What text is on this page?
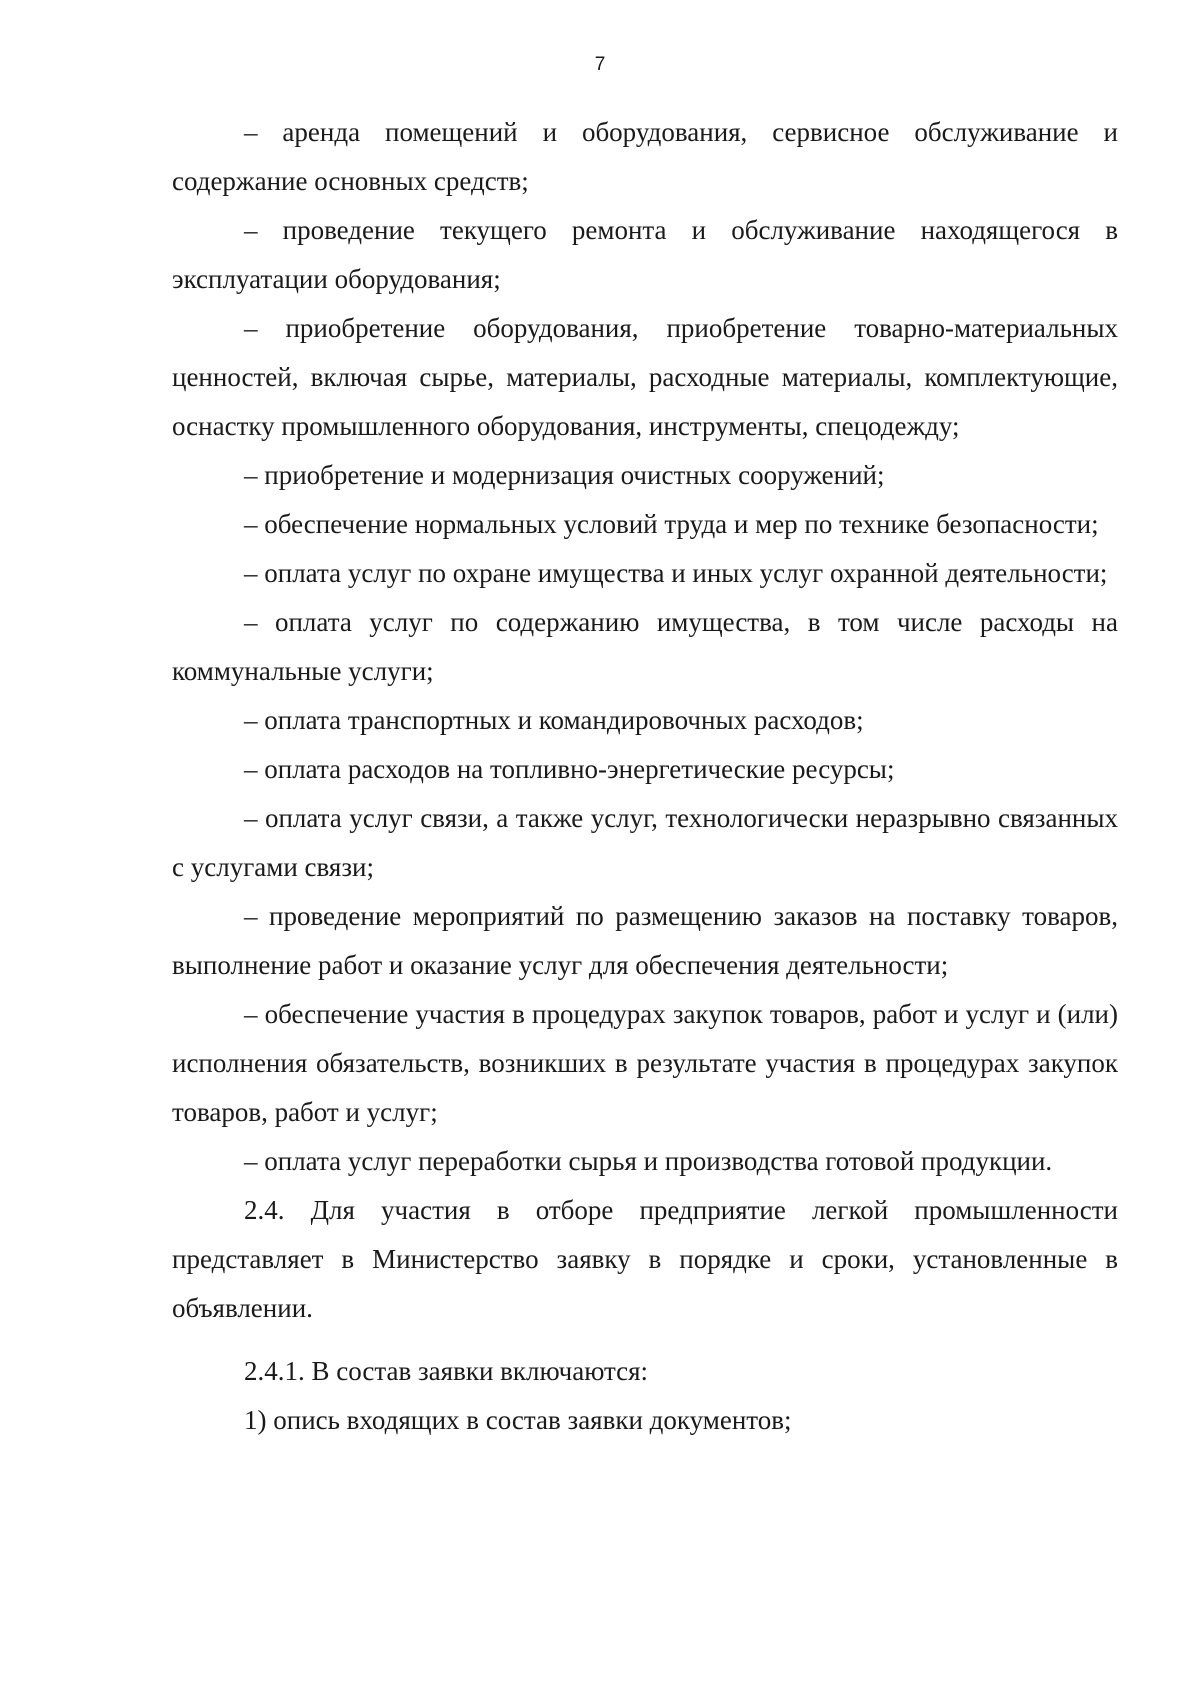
7

– аренда помещений и оборудования, сервисное обслуживание и содержание основных средств;

– проведение текущего ремонта и обслуживание находящегося в эксплуатации оборудования;

– приобретение оборудования, приобретение товарно-материальных ценностей, включая сырье, материалы, расходные материалы, комплектующие, оснастку промышленного оборудования, инструменты, спецодежду;

– приобретение и модернизация очистных сооружений;

– обеспечение нормальных условий труда и мер по технике безопасности;

– оплата услуг по охране имущества и иных услуг охранной деятельности;

– оплата услуг по содержанию имущества, в том числе расходы на коммунальные услуги;

– оплата транспортных и командировочных расходов;

– оплата расходов на топливно-энергетические ресурсы;

– оплата услуг связи, а также услуг, технологически неразрывно связанных с услугами связи;

– проведение мероприятий по размещению заказов на поставку товаров, выполнение работ и оказание услуг для обеспечения деятельности;

– обеспечение участия в процедурах закупок товаров, работ и услуг и (или) исполнения обязательств, возникших в результате участия в процедурах закупок товаров, работ и услуг;

– оплата услуг переработки сырья и производства готовой продукции.

2.4. Для участия в отборе предприятие легкой промышленности представляет в Министерство заявку в порядке и сроки, установленные в объявлении.

2.4.1. В состав заявки включаются:

1) опись входящих в состав заявки документов;
